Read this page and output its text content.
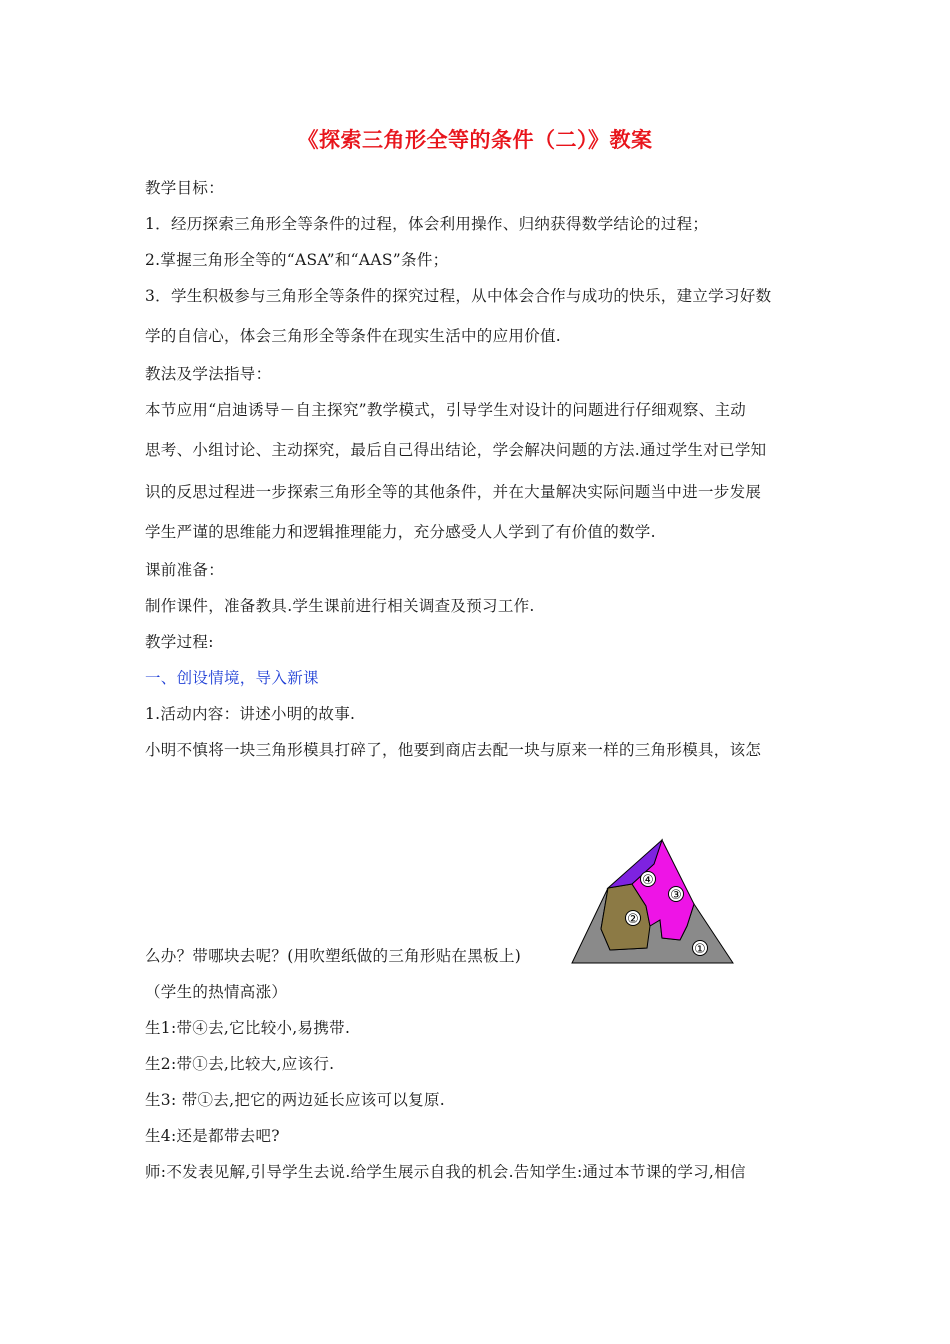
《探索三角形全等的条件（二）》教案
教学目标：
1．经历探索三角形全等条件的过程，体会利用操作、归纳获得数学结论的过程；
2.掌握三角形全等的“ASA”和“AAS”条件；
3．学生积极参与三角形全等条件的探究过程，从中体会合作与成功的快乐，建立学习好数
学的自信心，体会三角形全等条件在现实生活中的应用价值.
教法及学法指导：
本节应用“启迪诱导－自主探究”教学模式，引导学生对设计的问题进行仔细观察、主动
思考、小组讨论、主动探究，最后自己得出结论，学会解决问题的方法.通过学生对已学知
识的反思过程进一步探索三角形全等的其他条件，并在大量解决实际问题当中进一步发展
学生严谨的思维能力和逻辑推理能力，充分感受人人学到了有价值的数学.
课前准备：
制作课件，准备教具.学生课前进行相关调查及预习工作.
教学过程:
一、创设情境，导入新课
1.活动内容：讲述小明的故事.
小明不慎将一块三角形模具打碎了，他要到商店去配一块与原来一样的三角形模具，该怎
么办？带哪块去呢？(用吹塑纸做的三角形贴在黑板上)
④
③
②
①
（学生的热情高涨）
生1:带④去,它比较小,易携带.
生2:带①去,比较大,应该行.
生3: 带①去,把它的两边延长应该可以复原.
生4:还是都带去吧?
师:不发表见解,引导学生去说.给学生展示自我的机会.告知学生:通过本节课的学习,相信
